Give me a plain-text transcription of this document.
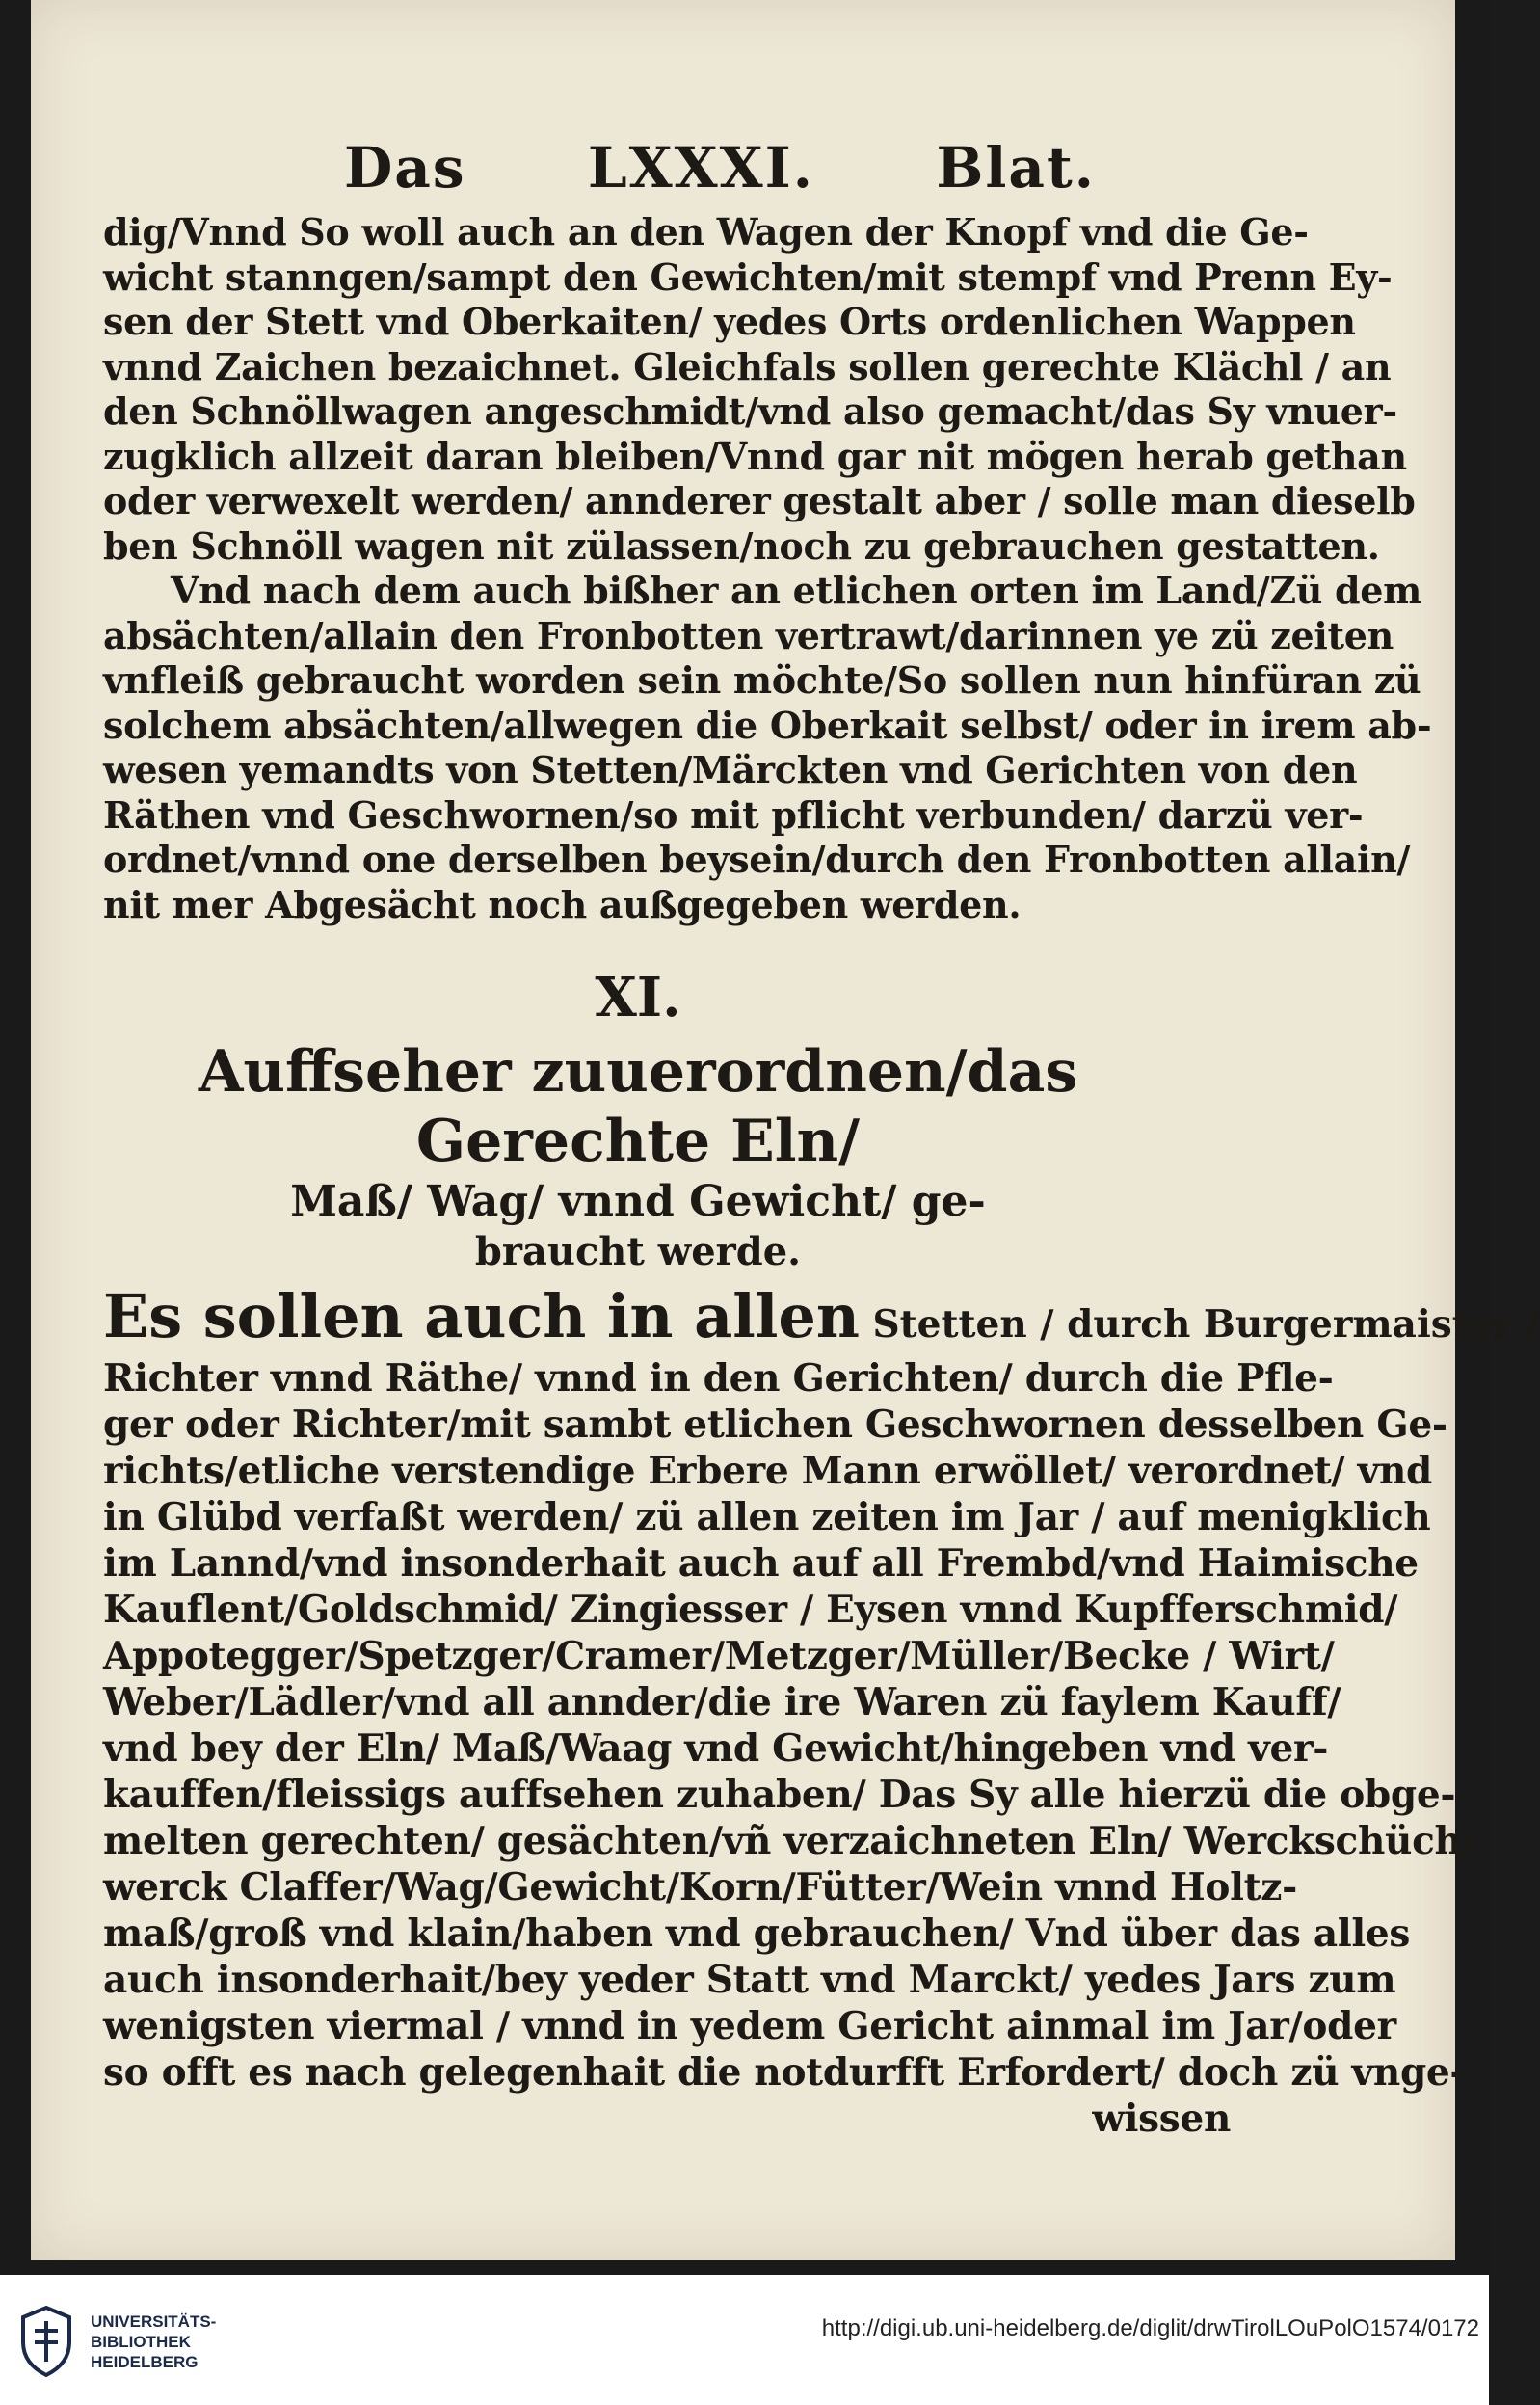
Das LXXXI. Blat.
dig/Vnnd So woll auch an den Wagen der Knopf vnd die Ge-
wicht stanngen/sampt den Gewichten/mit stempf vnd Prenn Ey-
sen der Stett vnd Oberkaiten/ yedes Orts ordenlichen Wappen
vnnd Zaichen bezaichnet. Gleichfals sollen gerechte Klächl / an
den Schnöllwagen angeschmidt/vnd also gemacht/das Sy vnuer-
zugklich allzeit daran bleiben/Vnnd gar nit mögen herab gethan
oder verwexelt werden/ annderer gestalt aber / solle man dieselb
ben Schnöll wagen nit zülassen/noch zu gebrauchen gestatten.
Vnd nach dem auch bißher an etlichen orten im Land/Zü dem
absächten/allain den Fronbotten vertrawt/darinnen ye zü zeiten
vnfleiß gebraucht worden sein möchte/So sollen nun hinfüran zü
solchem absächten/allwegen die Oberkait selbst/ oder in irem ab-
wesen yemandts von Stetten/Märckten vnd Gerichten von den
Räthen vnd Geschwornen/so mit pflicht verbunden/ darzü ver-
ordnet/vnnd one derselben beysein/durch den Fronbotten allain/
nit mer Abgesächt noch außgegeben werden.
XI.
Auffseher zuuerordnen/das Gerechte Eln/
Maß/ Wag/ vnnd Gewicht/ ge-
braucht werde.
Es sollen auch in allen Stetten / durch Burgermaister /
Richter vnnd Räthe/ vnnd in den Gerichten/ durch die Pfle-
ger oder Richter/mit sambt etlichen Geschwornen desselben Ge-
richts/etliche verstendige Erbere Mann erwöllet/ verordnet/ vnd
in Glübd verfaßt werden/ zü allen zeiten im Jar / auf menigklich
im Lannd/vnd insonderhait auch auf all Frembd/vnd Haimische
Kauflent/Goldschmid/ Zingiesser / Eysen vnnd Kupfferschmid/
Appotegger/Spetzger/Cramer/Metzger/Müller/Becke / Wirt/
Weber/Lädler/vnd all annder/die ire Waren zü faylem Kauff/
vnd bey der Eln/ Maß/Waag vnd Gewicht/hingeben vnd ver-
kauffen/fleissigs auffsehen zuhaben/ Das Sy alle hierzü die obge-
melten gerechten/ gesächten/vñ verzaichneten Eln/ Werckschüch/
werck Claffer/Wag/Gewicht/Korn/Fütter/Wein vnnd Holtz-
maß/groß vnd klain/haben vnd gebrauchen/ Vnd über das alles
auch insonderhait/bey yeder Statt vnd Marckt/ yedes Jars zum
wenigsten viermal / vnnd in yedem Gericht ainmal im Jar/oder
so offt es nach gelegenhait die notdurfft Erfordert/ doch zü vnge-
wissen
UNIVERSITÄTS-
BIBLIOTHEK
HEIDELBERG
http://digi.ub.uni-heidelberg.de/diglit/drwTirolLOuPolO1574/0172
